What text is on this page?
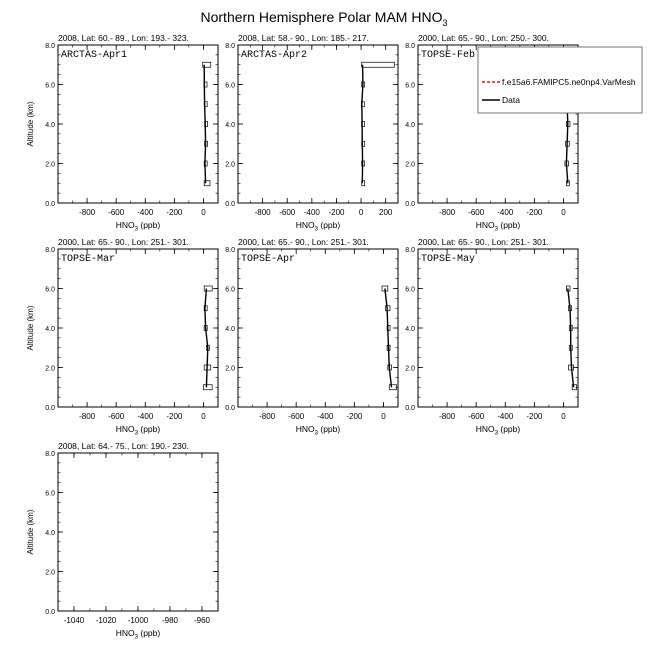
Northern Hemisphere Polar MAM $HNO_3$
2008, Lat: 60.- 89., Lon: 193.- 323.
ARCTAS-Apr1
-800 -600 -400 -200 0
0.0
2.0
4.0
6.0
8.0
Altitude (km)
$HNO_3$ (ppb)
2008, Lat: 58.- 90., Lon: 185.- 217.
ARCTAS-Apr2
-800 -600 -400 -200 0 200
0.0
2.0
4.0
6.0
8.0
$HNO_3$ (ppb)
2000, Lat: 65.- 90., Lon: 250.- 300.
TOPSE-Feb
-800 -600 -400 -200 0
0.0
2.0
4.0
6.0
8.0
$HNO_3$ (ppb)
2000, Lat: 65.- 90., Lon: 251.- 301.
TOPSE-Mar
-800 -600 -400 -200 0
0.0
2.0
4.0
6.0
8.0
Altitude (km)
$HNO_3$ (ppb)
2000, Lat: 65.- 90., Lon: 251.- 301.
TOPSE-Apr
-800 -600 -400 -200 0
0.0
2.0
4.0
6.0
8.0
$HNO_3$ (ppb)
2000, Lat: 65.- 90., Lon: 251.- 301.
TOPSE-May
-800 -600 -400 -200 0
0.0
2.0
4.0
6.0
8.0
$HNO_3$ (ppb)
2008, Lat: 64.- 75., Lon: 190.- 230.
-1040 -1020 -1000 -980 -960
0.0
2.0
4.0
6.0
8.0
Altitude (km)
$HNO_3$ (ppb)
f.e15a6.FAMIPC5.ne0np4.VarMesh
Data
